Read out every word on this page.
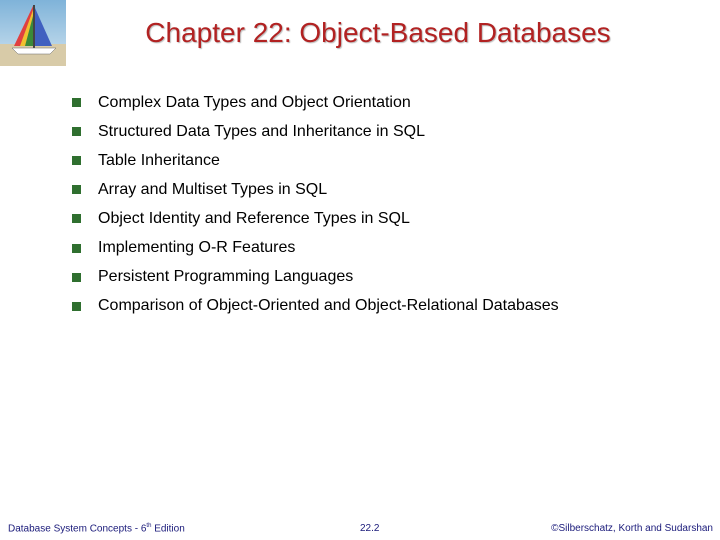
Chapter 22: Object-Based Databases
Complex Data Types and Object Orientation
Structured Data Types and Inheritance in SQL
Table Inheritance
Array and Multiset Types in SQL
Object Identity and Reference Types in SQL
Implementing O-R Features
Persistent Programming Languages
Comparison of Object-Oriented and Object-Relational Databases
Database System Concepts - 6th Edition	22.2	©Silberschatz, Korth and Sudarshan
